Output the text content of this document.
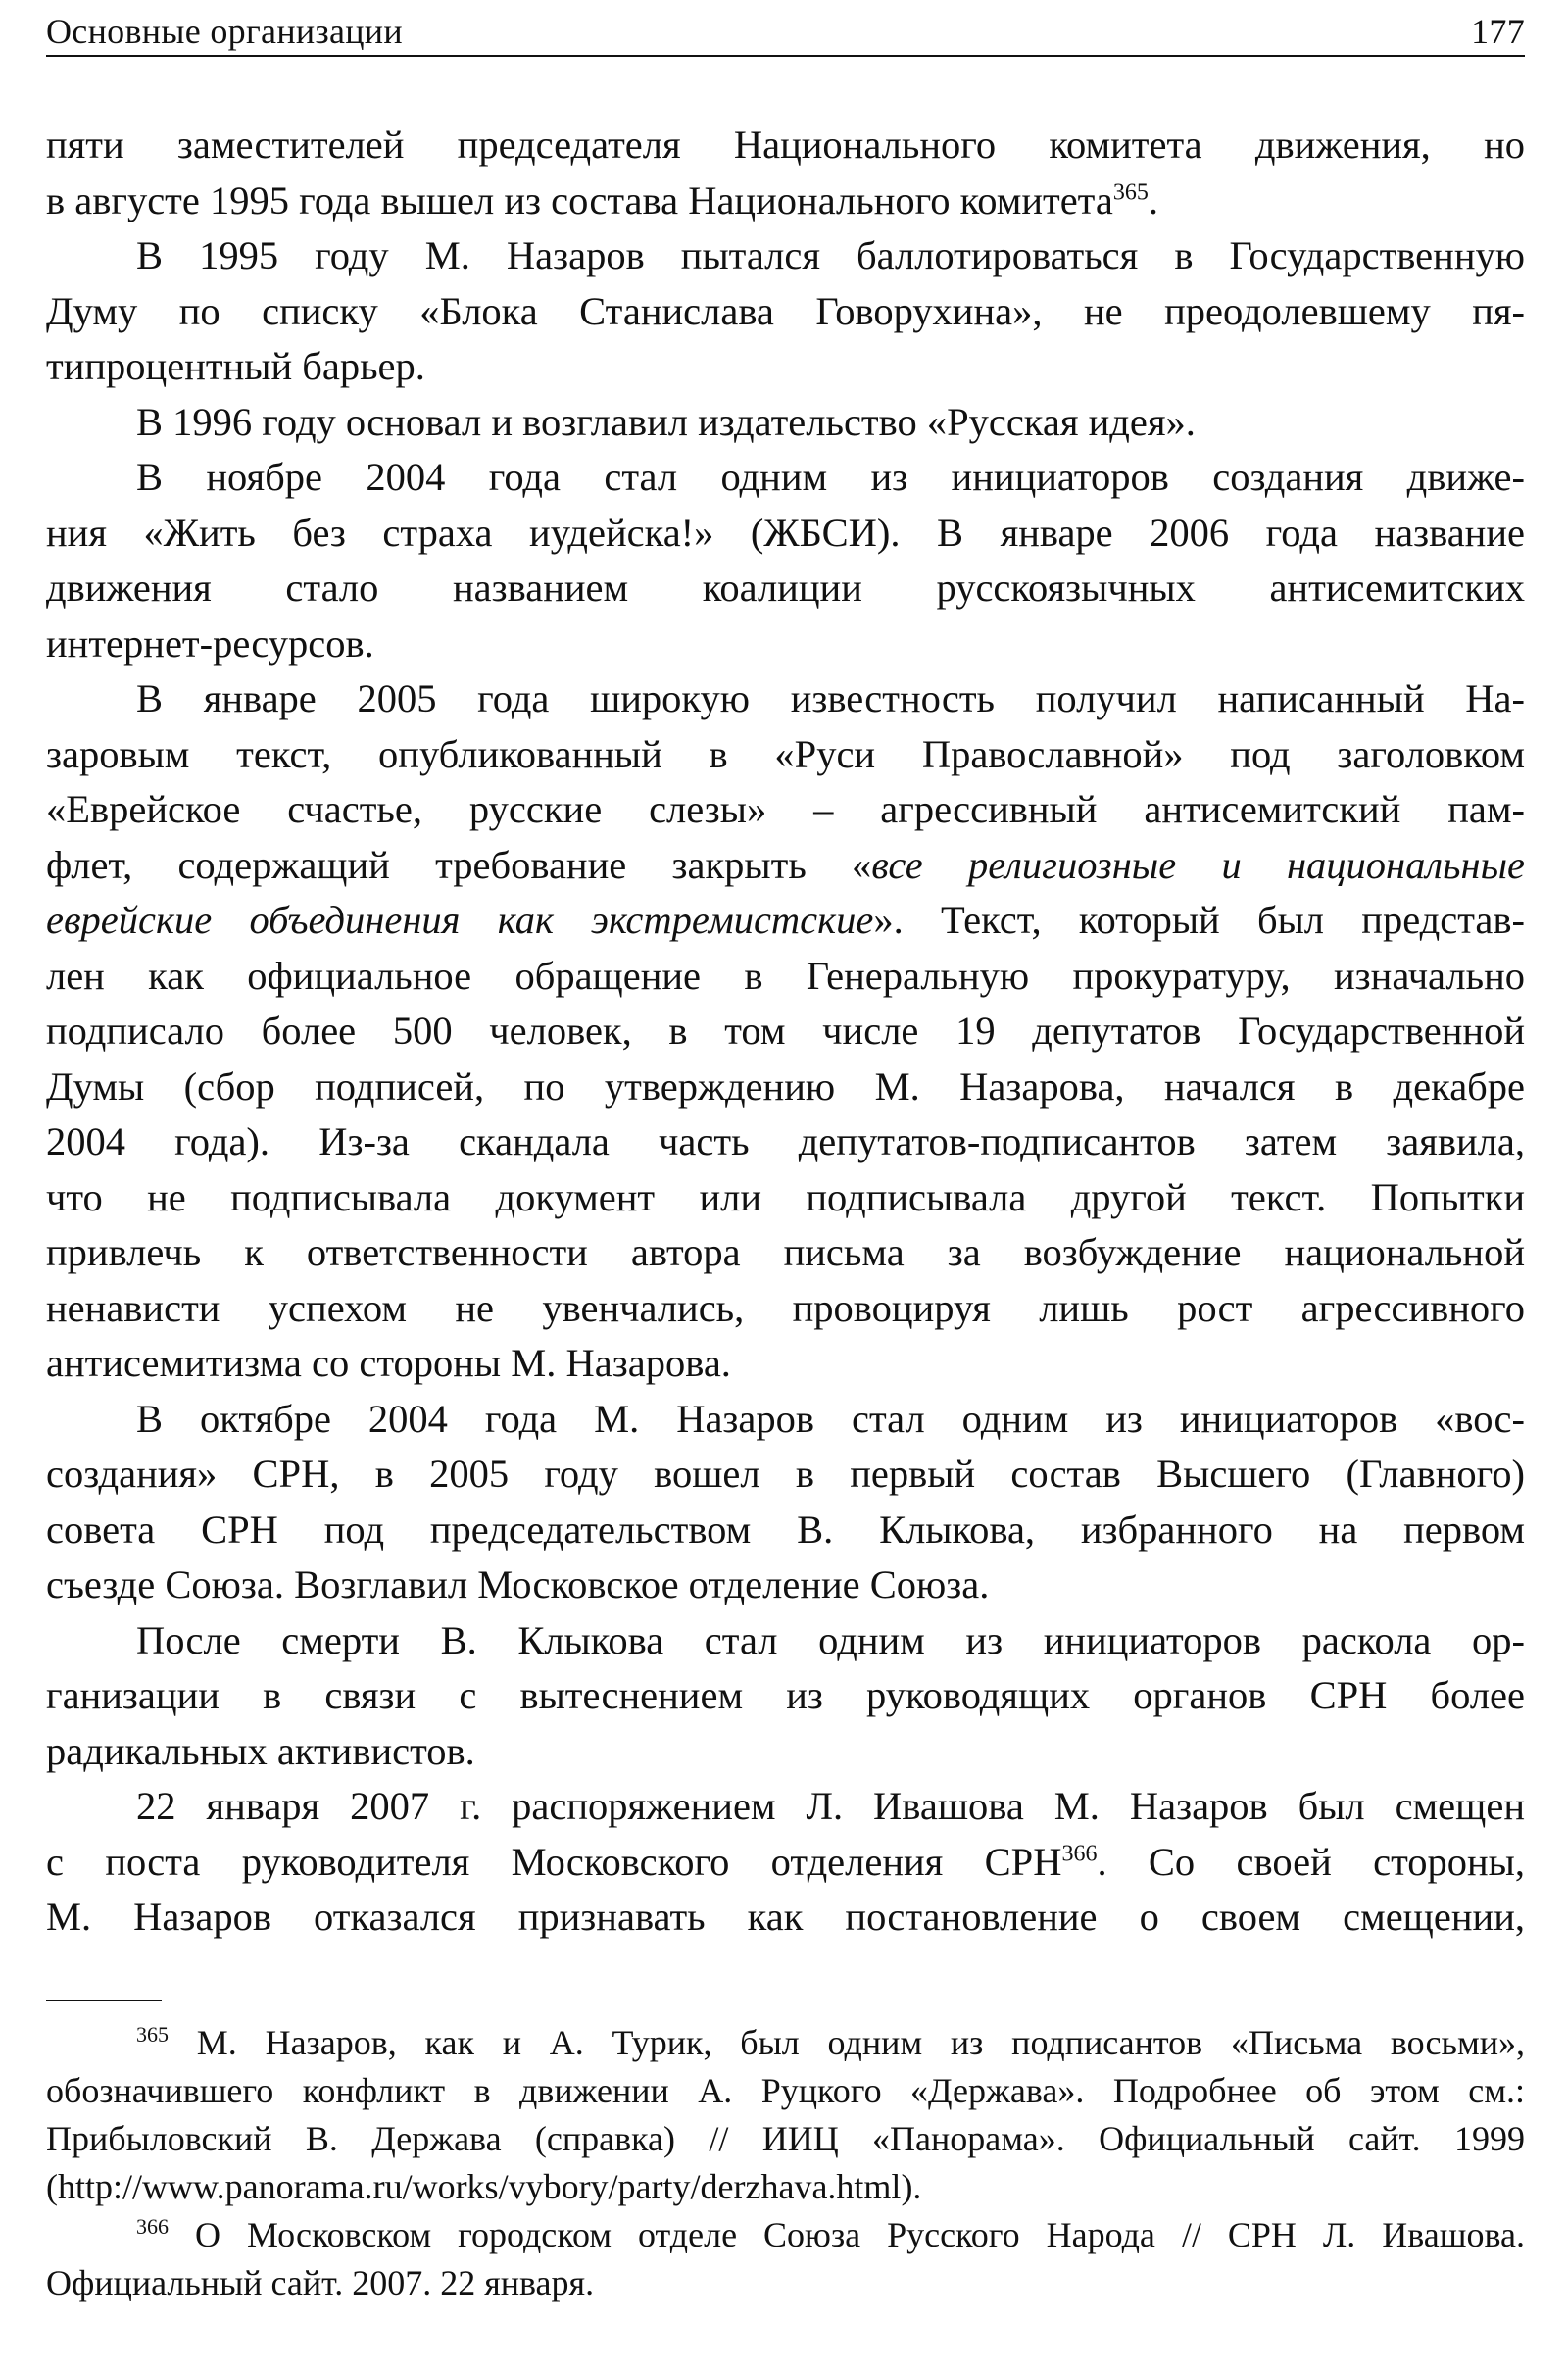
Основные организации	177
пяти заместителей председателя Национального комитета движения, но
в августе 1995 года вышел из состава Национального комитета$^{365}$.
В 1995 году М. Назаров пытался баллотироваться в Государственную
Думу по списку «Блока Станислава Говорухина», не преодолевшему пя-
типроцентный барьер.
В 1996 году основал и возглавил издательство «Русская идея».
В ноябре 2004 года стал одним из инициаторов создания движе-
ния «Жить без страха иудейска!» (ЖБСИ). В январе 2006 года название
движения стало названием коалиции русскоязычных антисемитских
интернет-ресурсов.
В январе 2005 года широкую известность получил написанный На-
заровым текст, опубликованный в «Руси Православной» под заголовком
«Еврейское счастье, русские слезы» – агрессивный антисемитский пам-
флет, содержащий требование закрыть «все религиозные и национальные
еврейские объединения как экстремистские». Текст, который был представ-
лен как официальное обращение в Генеральную прокуратуру, изначально
подписало более 500 человек, в том числе 19 депутатов Государственной
Думы (сбор подписей, по утверждению М. Назарова, начался в декабре
2004 года). Из-за скандала часть депутатов-подписантов затем заявила,
что не подписывала документ или подписывала другой текст. Попытки
привлечь к ответственности автора письма за возбуждение национальной
ненависти успехом не увенчались, провоцируя лишь рост агрессивного
антисемитизма со стороны М. Назарова.
В октябре 2004 года М. Назаров стал одним из инициаторов «вос-
создания» СРН, в 2005 году вошел в первый состав Высшего (Главного)
совета СРН под председательством В. Клыкова, избранного на первом
съезде Союза. Возглавил Московское отделение Союза.
После смерти В. Клыкова стал одним из инициаторов раскола ор-
ганизации в связи с вытеснением из руководящих органов СРН более
радикальных активистов.
22 января 2007 г. распоряжением Л. Ивашова М. Назаров был смещен
с поста руководителя Московского отделения СРН$^{366}$. Со своей стороны,
М. Назаров отказался признавать как постановление о своем смещении,
$^{365}$ М. Назаров, как и А. Турик, был одним из подписантов «Письма восьми»,
обозначившего конфликт в движении А. Руцкого «Держава». Подробнее об этом см.:
Прибыловский В. Держава (справка) // ИИЦ «Панорама». Официальный сайт. 1999
(http://www.panorama.ru/works/vybory/party/derzhava.html).
$^{366}$ О Московском городском отделе Союза Русского Народа // СРН Л. Ивашова.
Официальный сайт. 2007. 22 января.
